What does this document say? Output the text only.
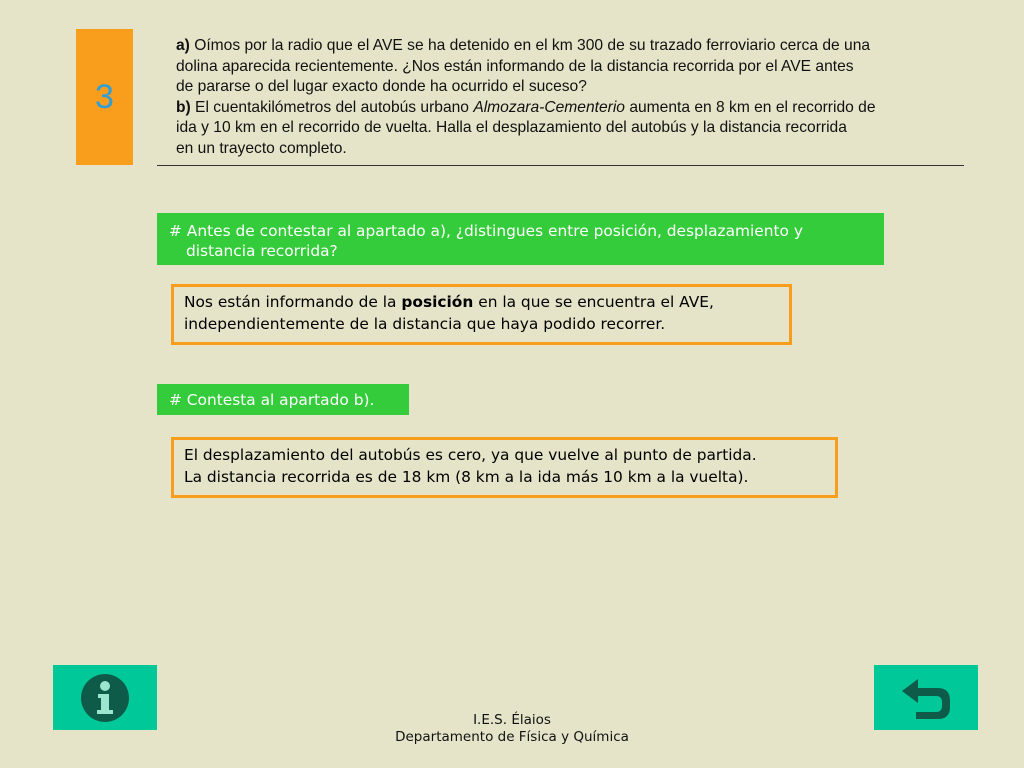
3
a) Oímos por la radio que el AVE se ha detenido en el km 300 de su trazado ferroviario cerca de una
dolina aparecida recientemente. ¿Nos están informando de la distancia recorrida por el AVE antes
de pararse o del lugar exacto donde ha ocurrido el suceso?
b) El cuentakilómetros del autobús urbano Almozara-Cementerio aumenta en 8 km en el recorrido de
ida y 10 km en el recorrido de vuelta. Halla el desplazamiento del autobús y la distancia recorrida
en un trayecto completo.
# Antes de contestar al apartado a), ¿distingues entre posición, desplazamiento y
distancia recorrida?
Nos están informando de la posición en la que se encuentra el AVE,
independientemente de la distancia que haya podido recorrer.
# Contesta al apartado b).
El desplazamiento del autobús es cero, ya que vuelve al punto de partida.
La distancia recorrida es de 18 km (8 km a la ida más 10 km a la vuelta).
I.E.S. Élaios
Departamento de Física y Química
